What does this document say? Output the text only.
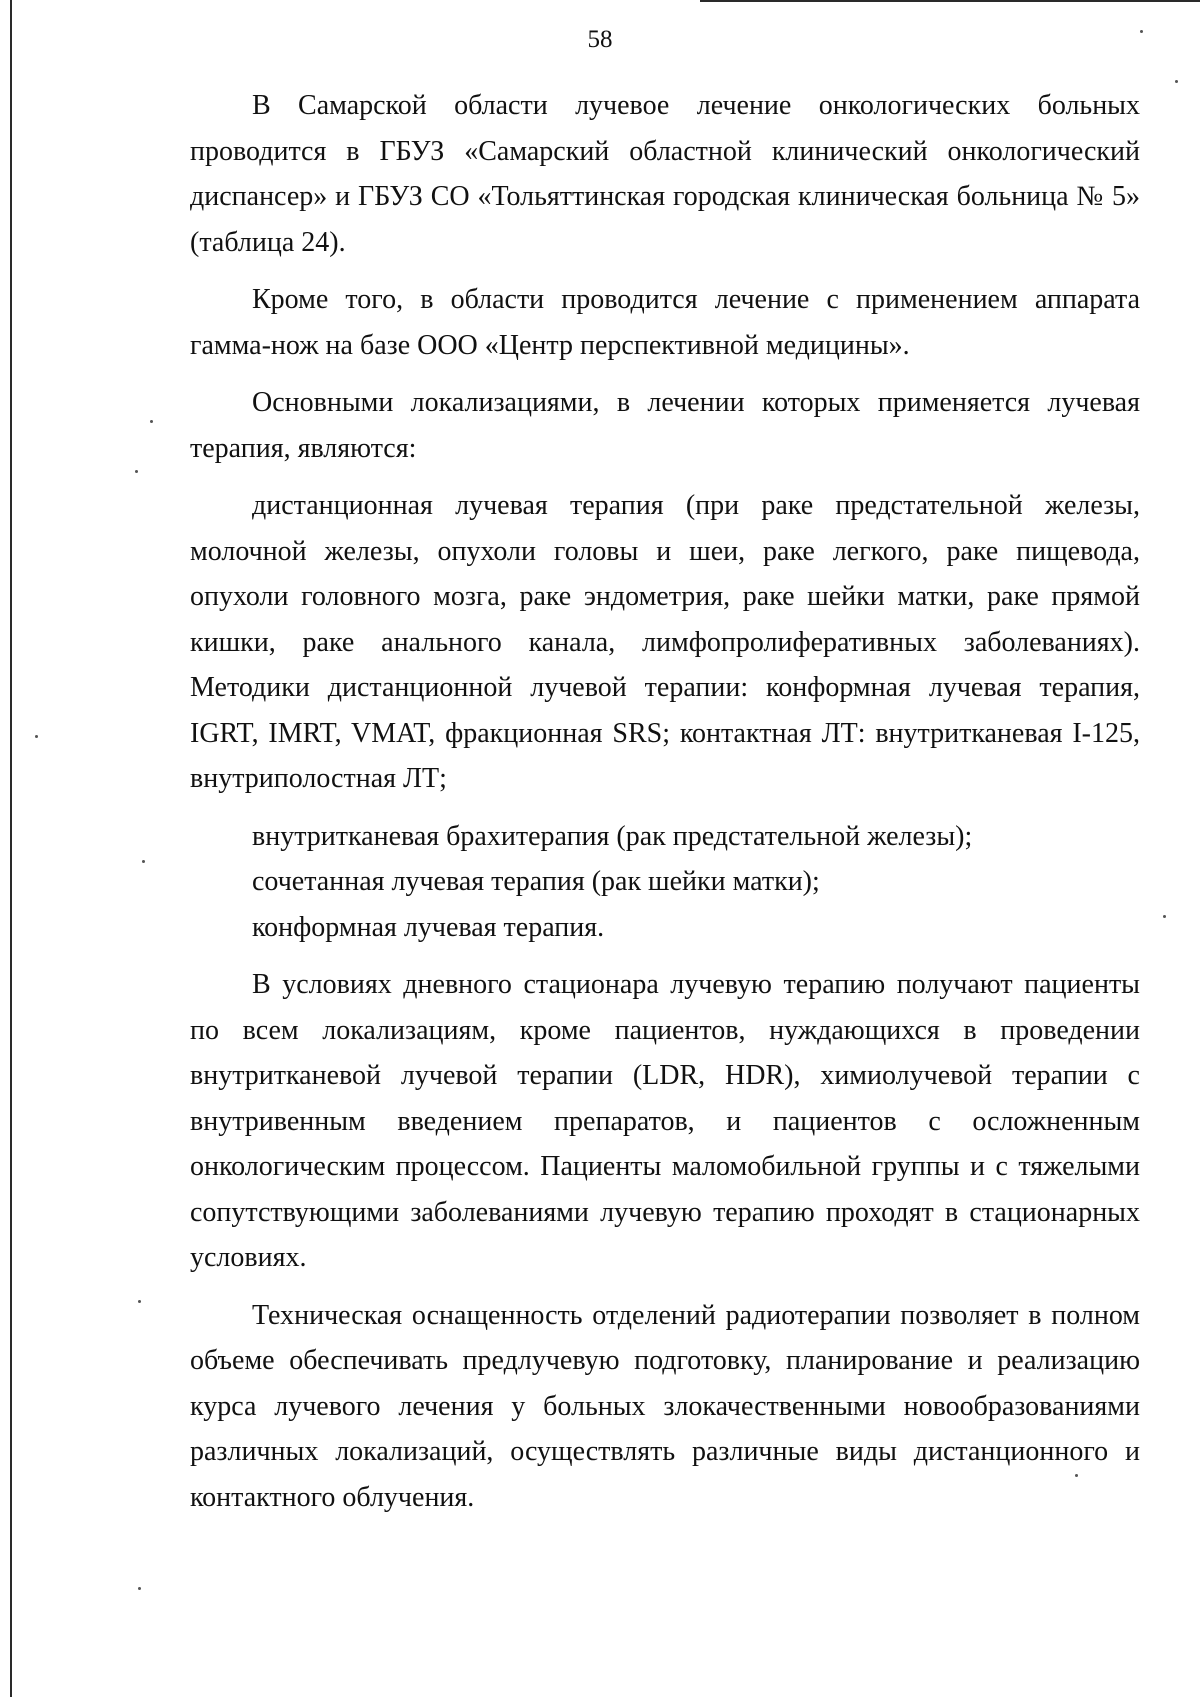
58

В Самарской области лучевое лечение онкологических больных проводится в ГБУЗ «Самарский областной клинический онкологический диспансер» и ГБУЗ СО «Тольяттинская городская клиническая больница № 5» (таблица 24).

Кроме того, в области проводится лечение с применением аппарата гамма-нож на базе ООО «Центр перспективной медицины».

Основными локализациями, в лечении которых применяется лучевая терапия, являются:

дистанционная лучевая терапия (при раке предстательной железы, молочной железы, опухоли головы и шеи, раке легкого, раке пищевода, опухоли головного мозга, раке эндометрия, раке шейки матки, раке прямой кишки, раке анального канала, лимфопролиферативных заболеваниях). Методики дистанционной лучевой терапии: конформная лучевая терапия, IGRT, IMRT, VMAT, фракционная SRS; контактная ЛТ: внутритканевая I-125, внутриполостная ЛТ;

внутритканевая брахитерапия (рак предстательной железы);

сочетанная лучевая терапия (рак шейки матки);

конформная лучевая терапия.

В условиях дневного стационара лучевую терапию получают пациенты по всем локализациям, кроме пациентов, нуждающихся в проведении внутритканевой лучевой терапии (LDR, HDR), химиолучевой терапии с внутривенным введением препаратов, и пациентов с осложненным онкологическим процессом. Пациенты маломобильной группы и с тяжелыми сопутствующими заболеваниями лучевую терапию проходят в стационарных условиях.

Техническая оснащенность отделений радиотерапии позволяет в полном объеме обеспечивать предлучевую подготовку, планирование и реализацию курса лучевого лечения у больных злокачественными новообразованиями различных локализаций, осуществлять различные виды дистанционного и контактного облучения.
